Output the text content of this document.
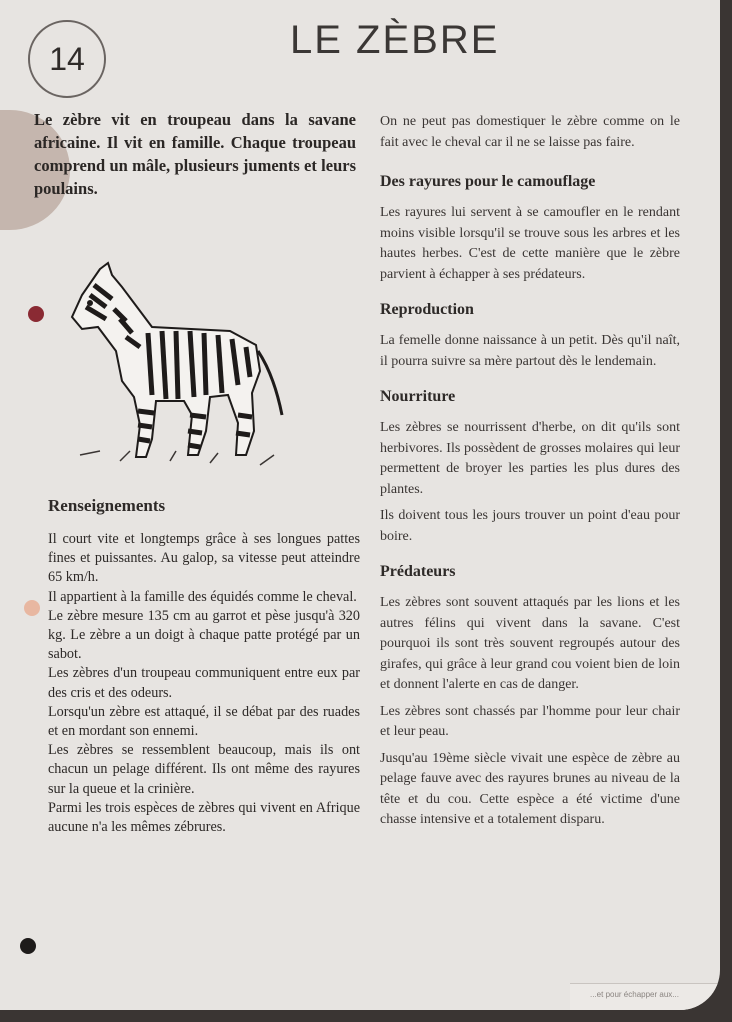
14	LE ZÈBRE

Le zèbre vit en troupeau dans la savane africaine. Il vit en famille. Chaque troupeau comprend un mâle, plusieurs juments et leurs poulains.

Renseignements

Il court vite et longtemps grâce à ses longues pattes fines et puissantes. Au galop, sa vitesse peut atteindre 65 km/h.

Il appartient à la famille des équidés comme le cheval.

Le zèbre mesure 135 cm au garrot et pèse jusqu'à 320 kg. Le zèbre a un doigt à chaque patte protégé par un sabot.

Les zèbres d'un troupeau communiquent entre eux par des cris et des odeurs.

Lorsqu'un zèbre est attaqué, il se débat par des ruades et en mordant son ennemi.

Les zèbres se ressemblent beaucoup, mais ils ont chacun un pelage différent. Ils ont même des rayures sur la queue et la crinière.

Parmi les trois espèces de zèbres qui vivent en Afrique aucune n'a les mêmes zébrures.

On ne peut pas domestiquer le zèbre comme on le fait avec le cheval car il ne se laisse pas faire.

Des rayures pour le camouflage

Les rayures lui servent à se camoufler en le rendant moins visible lorsqu'il se trouve sous les arbres et les hautes herbes. C'est de cette manière que le zèbre parvient à échapper à ses prédateurs.

Reproduction

La femelle donne naissance à un petit. Dès qu'il naît, il pourra suivre sa mère partout dès le lendemain.

Nourriture

Les zèbres se nourrissent d'herbe, on dit qu'ils sont herbivores. Ils possèdent de grosses molaires qui leur permettent de broyer les parties les plus dures des plantes.

Ils doivent tous les jours trouver un point d'eau pour boire.

Prédateurs

Les zèbres sont souvent attaqués par les lions et les autres félins qui vivent dans la savane. C'est pourquoi ils sont très souvent regroupés autour des girafes, qui grâce à leur grand cou voient bien de loin et donnent l'alerte en cas de danger.

Les zèbres sont chassés par l'homme pour leur chair et leur peau.

Jusqu'au 19ème siècle vivait une espèce de zèbre au pelage fauve avec des rayures brunes au niveau de la tête et du cou. Cette espèce a été victime d'une chasse intensive et a totalement disparu.

...et pour échapper aux...
